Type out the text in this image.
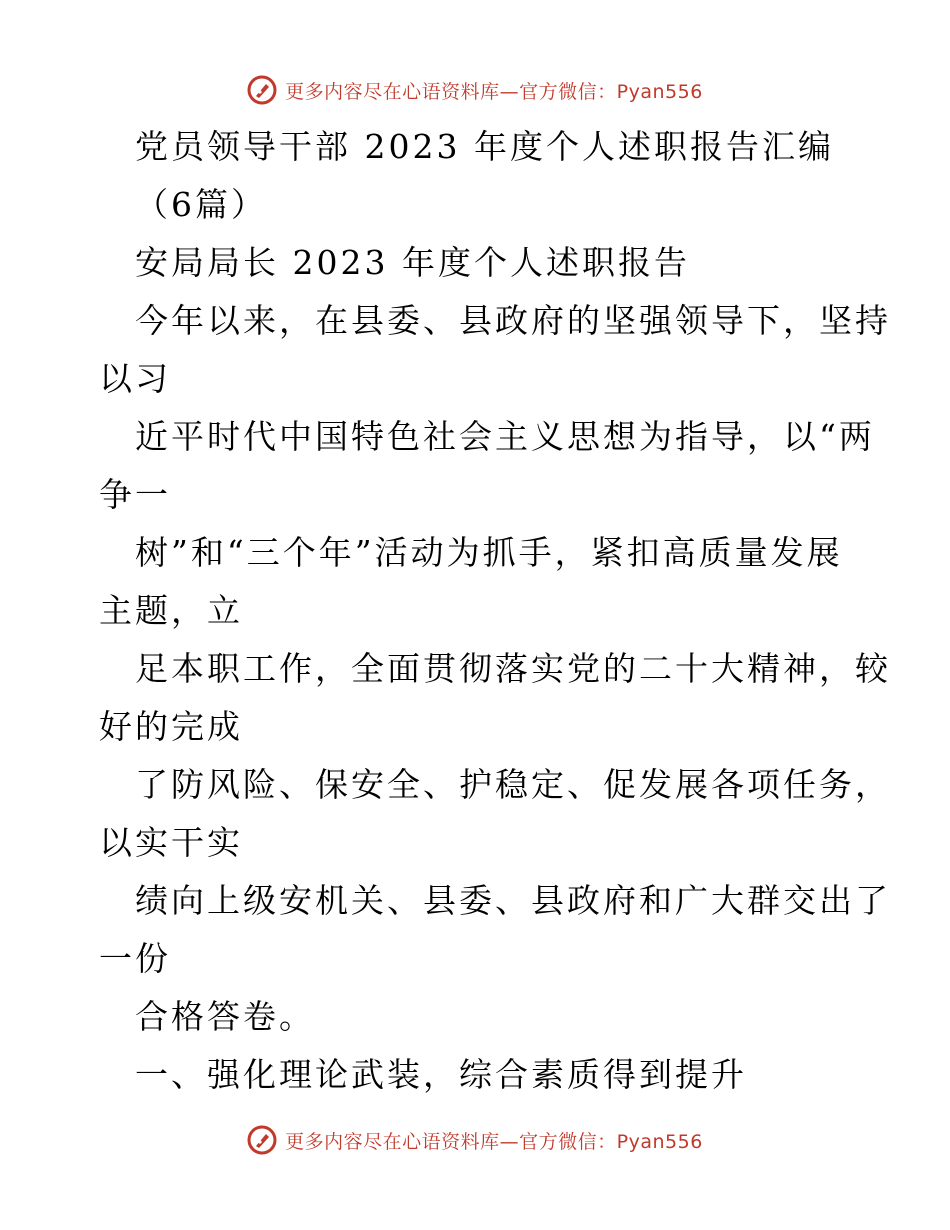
更多内容尽在心语资料库—官方微信：Pyan556
党员领导干部 2023 年度个人述职报告汇编
（6篇）
安局局长 2023 年度个人述职报告
今年以来，在县委、县政府的坚强领导下，坚持
以习
近平时代中国特色社会主义思想为指导，以“两
争一
树”和“三个年”活动为抓手，紧扣高质量发展
主题，立
足本职工作，全面贯彻落实党的二十大精神，较
好的完成
了防风险、保安全、护稳定、促发展各项任务，
以实干实
绩向上级安机关、县委、县政府和广大群交出了
一份
合格答卷。
一、强化理论武装，综合素质得到提升
更多内容尽在心语资料库—官方微信：Pyan556
